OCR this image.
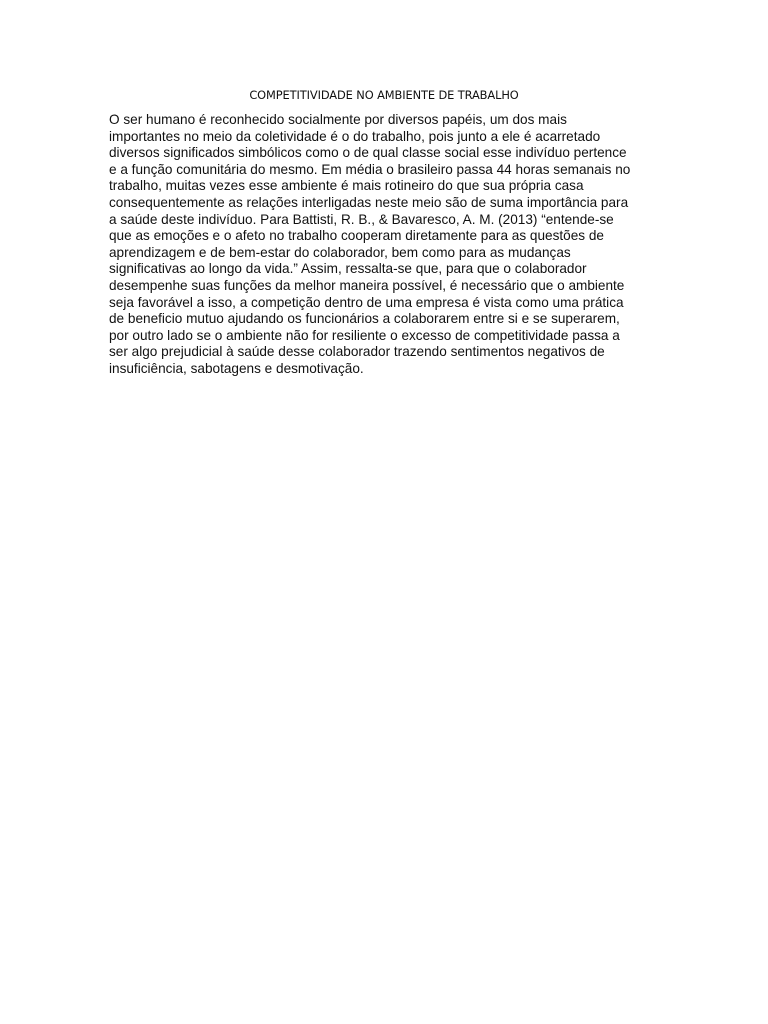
COMPETITIVIDADE NO AMBIENTE DE TRABALHO
O ser humano é reconhecido socialmente por diversos papéis, um dos mais
importantes no meio da coletividade é o do trabalho, pois junto a ele é acarretado
diversos significados simbólicos como o de qual classe social esse indivíduo pertence
e a função comunitária do mesmo. Em média o brasileiro passa 44 horas semanais no
trabalho, muitas vezes esse ambiente é mais rotineiro do que sua própria casa
consequentemente as relações interligadas neste meio são de suma importância para
a saúde deste indivíduo. Para Battisti, R. B., & Bavaresco, A. M. (2013) “entende-se
que as emoções e o afeto no trabalho cooperam diretamente para as questões de
aprendizagem e de bem-estar do colaborador, bem como para as mudanças
significativas ao longo da vida.” Assim, ressalta-se que, para que o colaborador
desempenhe suas funções da melhor maneira possível, é necessário que o ambiente
seja favorável a isso, a competição dentro de uma empresa é vista como uma prática
de beneficio mutuo ajudando os funcionários a colaborarem entre si e se superarem,
por outro lado se o ambiente não for resiliente o excesso de competitividade passa a
ser algo prejudicial à saúde desse colaborador trazendo sentimentos negativos de
insuficiência, sabotagens e desmotivação.
